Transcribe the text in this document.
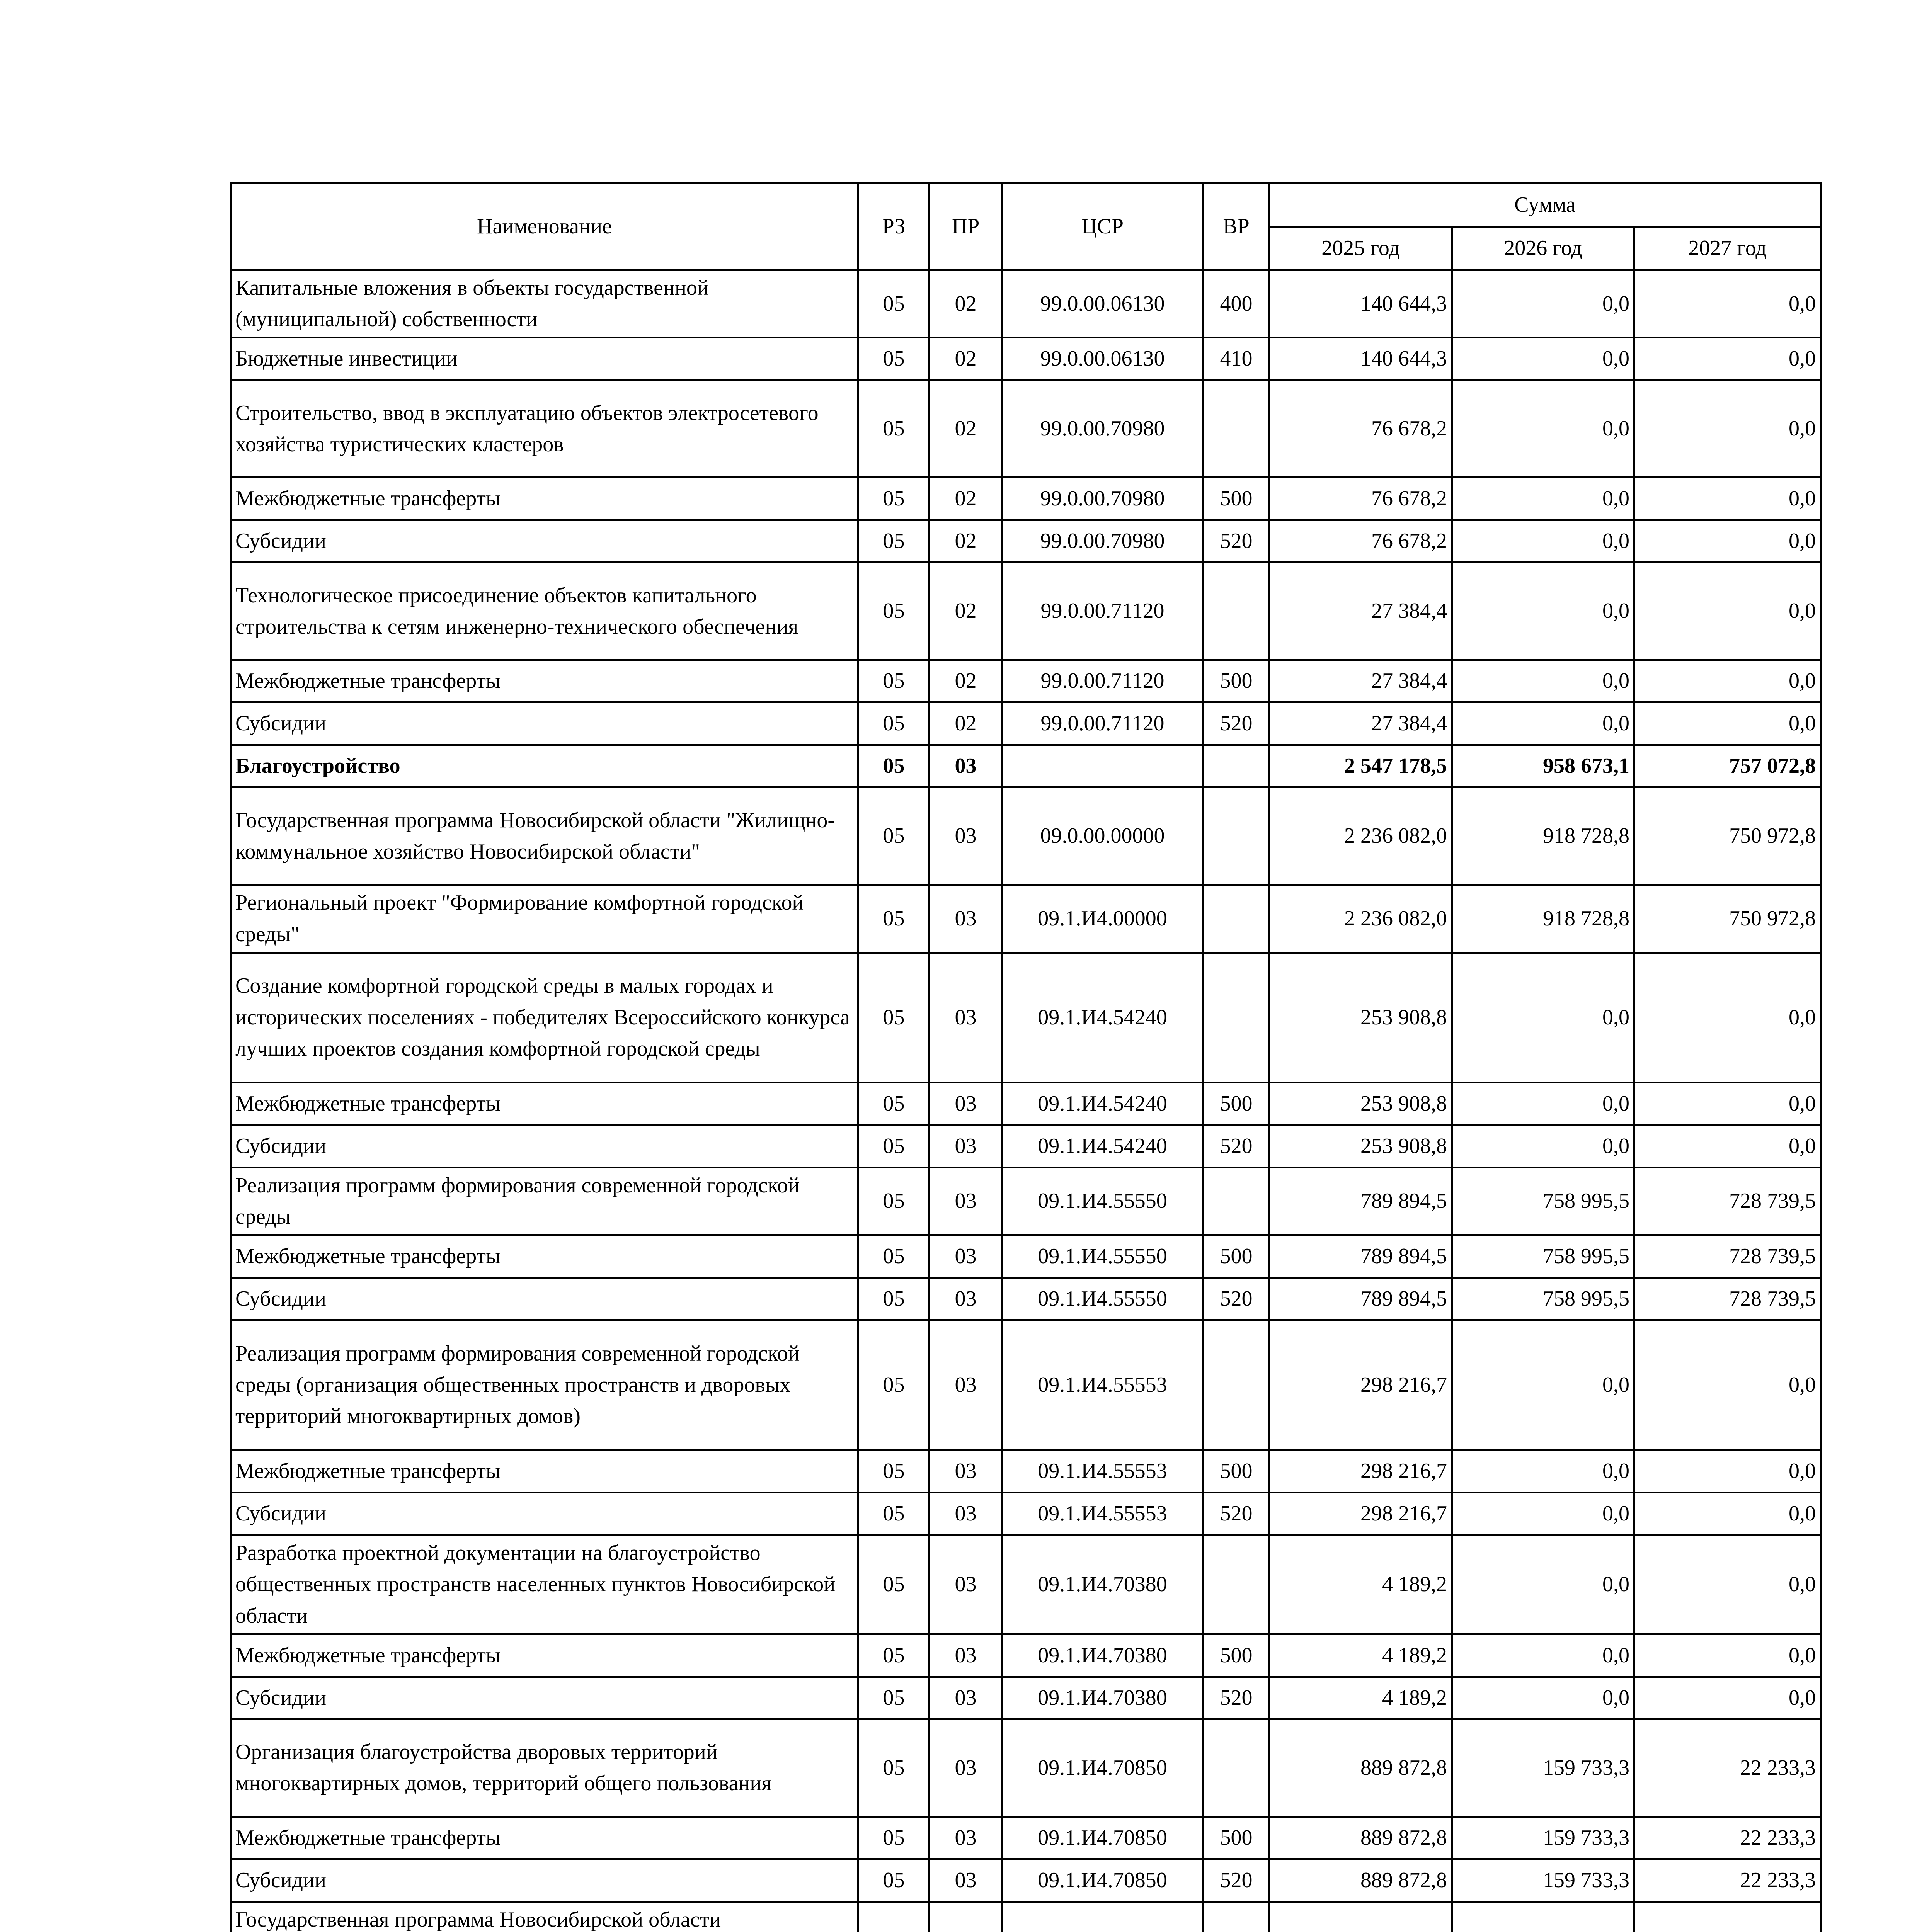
Наименование	РЗ	ПР	ЦСР	ВР	Сумма		
					2025 год	2026 год	2027 год
Капитальные вложения в объекты государственной (муниципальной) собственности	05	02	99.0.00.06130	400	140 644,3	0,0	0,0
Бюджетные инвестиции	05	02	99.0.00.06130	410	140 644,3	0,0	0,0
Строительство, ввод в эксплуатацию объектов электросетевого хозяйства туристических кластеров	05	02	99.0.00.70980		76 678,2	0,0	0,0
Межбюджетные трансферты	05	02	99.0.00.70980	500	76 678,2	0,0	0,0
Субсидии	05	02	99.0.00.70980	520	76 678,2	0,0	0,0
Технологическое присоединение объектов капитального строительства к сетям инженерно-технического обеспечения	05	02	99.0.00.71120		27 384,4	0,0	0,0
Межбюджетные трансферты	05	02	99.0.00.71120	500	27 384,4	0,0	0,0
Субсидии	05	02	99.0.00.71120	520	27 384,4	0,0	0,0
Благоустройство	05	03			2 547 178,5	958 673,1	757 072,8
Государственная программа Новосибирской области "Жилищно-коммунальное хозяйство Новосибирской области"	05	03	09.0.00.00000		2 236 082,0	918 728,8	750 972,8
Региональный проект "Формирование комфортной городской среды"	05	03	09.1.И4.00000		2 236 082,0	918 728,8	750 972,8
Создание комфортной городской среды в малых городах и исторических поселениях - победителях Всероссийского конкурса лучших проектов создания комфортной городской среды	05	03	09.1.И4.54240		253 908,8	0,0	0,0
Межбюджетные трансферты	05	03	09.1.И4.54240	500	253 908,8	0,0	0,0
Субсидии	05	03	09.1.И4.54240	520	253 908,8	0,0	0,0
Реализация программ формирования современной городской среды	05	03	09.1.И4.55550		789 894,5	758 995,5	728 739,5
Межбюджетные трансферты	05	03	09.1.И4.55550	500	789 894,5	758 995,5	728 739,5
Субсидии	05	03	09.1.И4.55550	520	789 894,5	758 995,5	728 739,5
Реализация программ формирования современной городской среды (организация общественных пространств и дворовых территорий многоквартирных домов)	05	03	09.1.И4.55553		298 216,7	0,0	0,0
Межбюджетные трансферты	05	03	09.1.И4.55553	500	298 216,7	0,0	0,0
Субсидии	05	03	09.1.И4.55553	520	298 216,7	0,0	0,0
Разработка проектной документации на благоустройство общественных пространств населенных пунктов Новосибирской области	05	03	09.1.И4.70380		4 189,2	0,0	0,0
Межбюджетные трансферты	05	03	09.1.И4.70380	500	4 189,2	0,0	0,0
Субсидии	05	03	09.1.И4.70380	520	4 189,2	0,0	0,0
Организация благоустройства дворовых территорий многоквартирных домов, территорий общего пользования	05	03	09.1.И4.70850		889 872,8	159 733,3	22 233,3
Межбюджетные трансферты	05	03	09.1.И4.70850	500	889 872,8	159 733,3	22 233,3
Субсидии	05	03	09.1.И4.70850	520	889 872,8	159 733,3	22 233,3
Государственная программа Новосибирской области							
